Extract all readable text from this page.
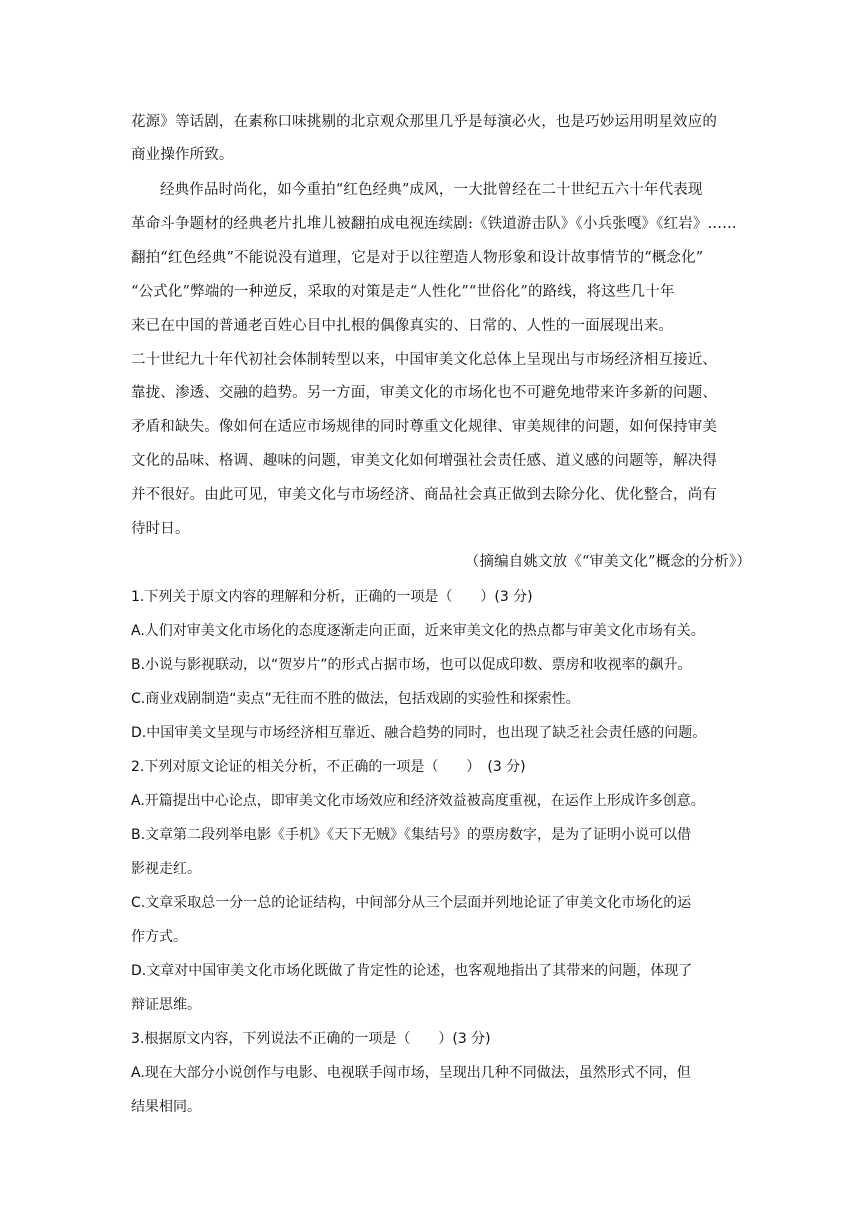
花源》等话剧，在素称口味挑剔的北京观众那里几乎是每演必火，也是巧妙运用明星效应的
商业操作所致。
经典作品时尚化，如今重拍“红色经典”成风，一大批曾经在二十世纪五六十年代表现
革命斗争题材的经典老片扎堆儿被翻拍成电视连续剧:《铁道游击队》《小兵张嘎》《红岩》……
翻拍“红色经典”不能说没有道理，它是对于以往塑造人物形象和设计故事情节的“概念化”
“公式化”弊端的一种逆反，采取的对策是走“人性化”“世俗化”的路线，将这些几十年
来已在中国的普通老百姓心目中扎根的偶像真实的、日常的、人性的一面展现出来。
二十世纪九十年代初社会体制转型以来，中国审美文化总体上呈现出与市场经济相互接近、
靠拢、渗透、交融的趋势。另一方面，审美文化的市场化也不可避免地带来许多新的问题、
矛盾和缺失。像如何在适应市场规律的同时尊重文化规律、审美规律的问题，如何保持审美
文化的品味、格调、趣味的问题，审美文化如何增强社会责任感、道义感的问题等，解决得
并不很好。由此可见，审美文化与市场经济、商品社会真正做到去除分化、优化整合，尚有
待时日。
（摘编自姚文放《“审美文化”概念的分析》）
1.下列关于原文内容的理解和分析，正确的一项是（　　）(3 分)
A.人们对审美文化市场化的态度逐渐走向正面，近来审美文化的热点都与审美文化市场有关。
B.小说与影视联动，以“贺岁片”的形式占据市场，也可以促成印数、票房和收视率的飙升。
C.商业戏剧制造“卖点”无往而不胜的做法，包括戏剧的实验性和探索性。
D.中国审美文呈现与市场经济相互靠近、融合趋势的同时，也出现了缺乏社会责任感的问题。
2.下列对原文论证的相关分析，不正确的一项是（　　）　(3 分)
A.开篇提出中心论点，即审美文化市场效应和经济效益被高度重视，在运作上形成许多创意。
B.文章第二段列举电影《手机》《天下无贼》《集结号》的票房数字，是为了证明小说可以借
影视走红。
C.文章采取总一分一总的论证结构，中间部分从三个层面并列地论证了审美文化市场化的运
作方式。
D.文章对中国审美文化市场化既做了肯定性的论述，也客观地指出了其带来的问题，体现了
辩证思维。
3.根据原文内容，下列说法不正确的一项是（　　）(3 分)
A.现在大部分小说创作与电影、电视联手闯市场，呈现出几种不同做法，虽然形式不同，但
结果相同。
